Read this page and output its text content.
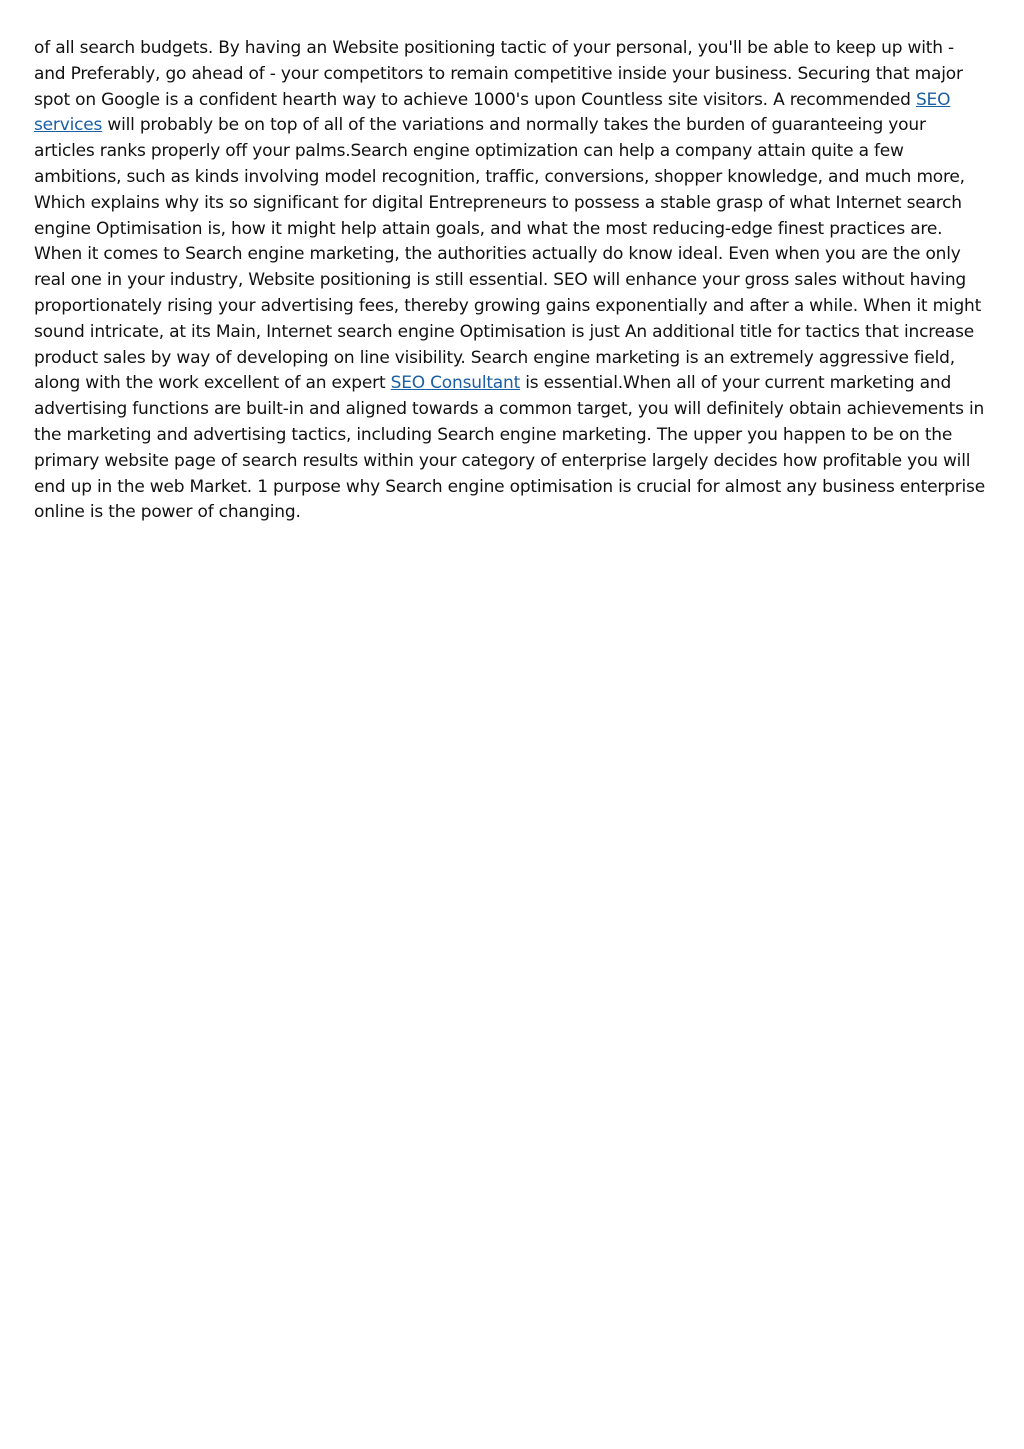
of all search budgets. By having an Website positioning tactic of your personal, you'll be able to keep up with - and Preferably, go ahead of - your competitors to remain competitive inside your business. Securing that major spot on Google is a confident hearth way to achieve 1000's upon Countless site visitors. A recommended SEO services will probably be on top of all of the variations and normally takes the burden of guaranteeing your articles ranks properly off your palms.Search engine optimization can help a company attain quite a few ambitions, such as kinds involving model recognition, traffic, conversions, shopper knowledge, and much more, Which explains why its so significant for digital Entrepreneurs to possess a stable grasp of what Internet search engine Optimisation is, how it might help attain goals, and what the most reducing-edge finest practices are. When it comes to Search engine marketing, the authorities actually do know ideal. Even when you are the only real one in your industry, Website positioning is still essential. SEO will enhance your gross sales without having proportionately rising your advertising fees, thereby growing gains exponentially and after a while. When it might sound intricate, at its Main, Internet search engine Optimisation is just An additional title for tactics that increase product sales by way of developing on line visibility. Search engine marketing is an extremely aggressive field, along with the work excellent of an expert SEO Consultant is essential.When all of your current marketing and advertising functions are built-in and aligned towards a common target, you will definitely obtain achievements in the marketing and advertising tactics, including Search engine marketing. The upper you happen to be on the primary website page of search results within your category of enterprise largely decides how profitable you will end up in the web Market. 1 purpose why Search engine optimisation is crucial for almost any business enterprise online is the power of changing.
